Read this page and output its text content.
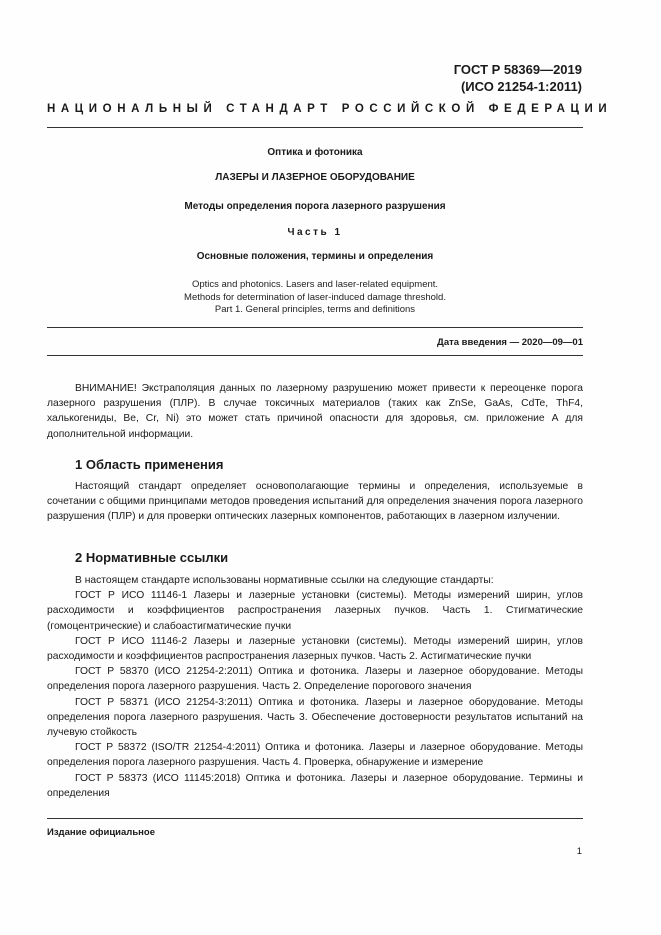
ГОСТ Р 58369—2019
(ИСО 21254-1:2011)
НАЦИОНАЛЬНЫЙ СТАНДАРТ РОССИЙСКОЙ ФЕДЕРАЦИИ
Оптика и фотоника
ЛАЗЕРЫ И ЛАЗЕРНОЕ ОБОРУДОВАНИЕ
Методы определения порога лазерного разрушения
Часть 1
Основные положения, термины и определения
Optics and photonics. Lasers and laser-related equipment.
Methods for determination of laser-induced damage threshold.
Part 1. General principles, terms and definitions
Дата введения — 2020—09—01

ВНИМАНИЕ! Экстраполяция данных по лазерному разрушению может привести к переоценке порога лазерного разрушения (ПЛР). В случае токсичных материалов (таких как ZnSe, GaAs, CdTe, ThF4, халькогениды, Be, Cr, Ni) это может стать причиной опасности для здоровья, см. приложение А для дополнительной информации.

1 Область применения

Настоящий стандарт определяет основополагающие термины и определения, используемые в сочетании с общими принципами методов проведения испытаний для определения значения порога лазерного разрушения (ПЛР) и для проверки оптических лазерных компонентов, работающих в лазерном излучении.

2 Нормативные ссылки

В настоящем стандарте использованы нормативные ссылки на следующие стандарты:

ГОСТ Р ИСО 11146-1 Лазеры и лазерные установки (системы). Методы измерений ширин, углов расходимости и коэффициентов распространения лазерных пучков. Часть 1. Стигматические (гомоцентрические) и слабоастигматические пучки

ГОСТ Р ИСО 11146-2 Лазеры и лазерные установки (системы). Методы измерений ширин, углов расходимости и коэффициентов распространения лазерных пучков. Часть 2. Астигматические пучки

ГОСТ Р 58370 (ИСО 21254-2:2011) Оптика и фотоника. Лазеры и лазерное оборудование. Методы определения порога лазерного разрушения. Часть 2. Определение порогового значения

ГОСТ Р 58371 (ИСО 21254-3:2011) Оптика и фотоника. Лазеры и лазерное оборудование. Методы определения порога лазерного разрушения. Часть 3. Обеспечение достоверности результатов испытаний на лучевую стойкость

ГОСТ Р 58372 (ISO/TR 21254-4:2011) Оптика и фотоника. Лазеры и лазерное оборудование. Методы определения порога лазерного разрушения. Часть 4. Проверка, обнаружение и измерение

ГОСТ Р 58373 (ИСО 11145:2018) Оптика и фотоника. Лазеры и лазерное оборудование. Термины и определения

Издание официальное
1
